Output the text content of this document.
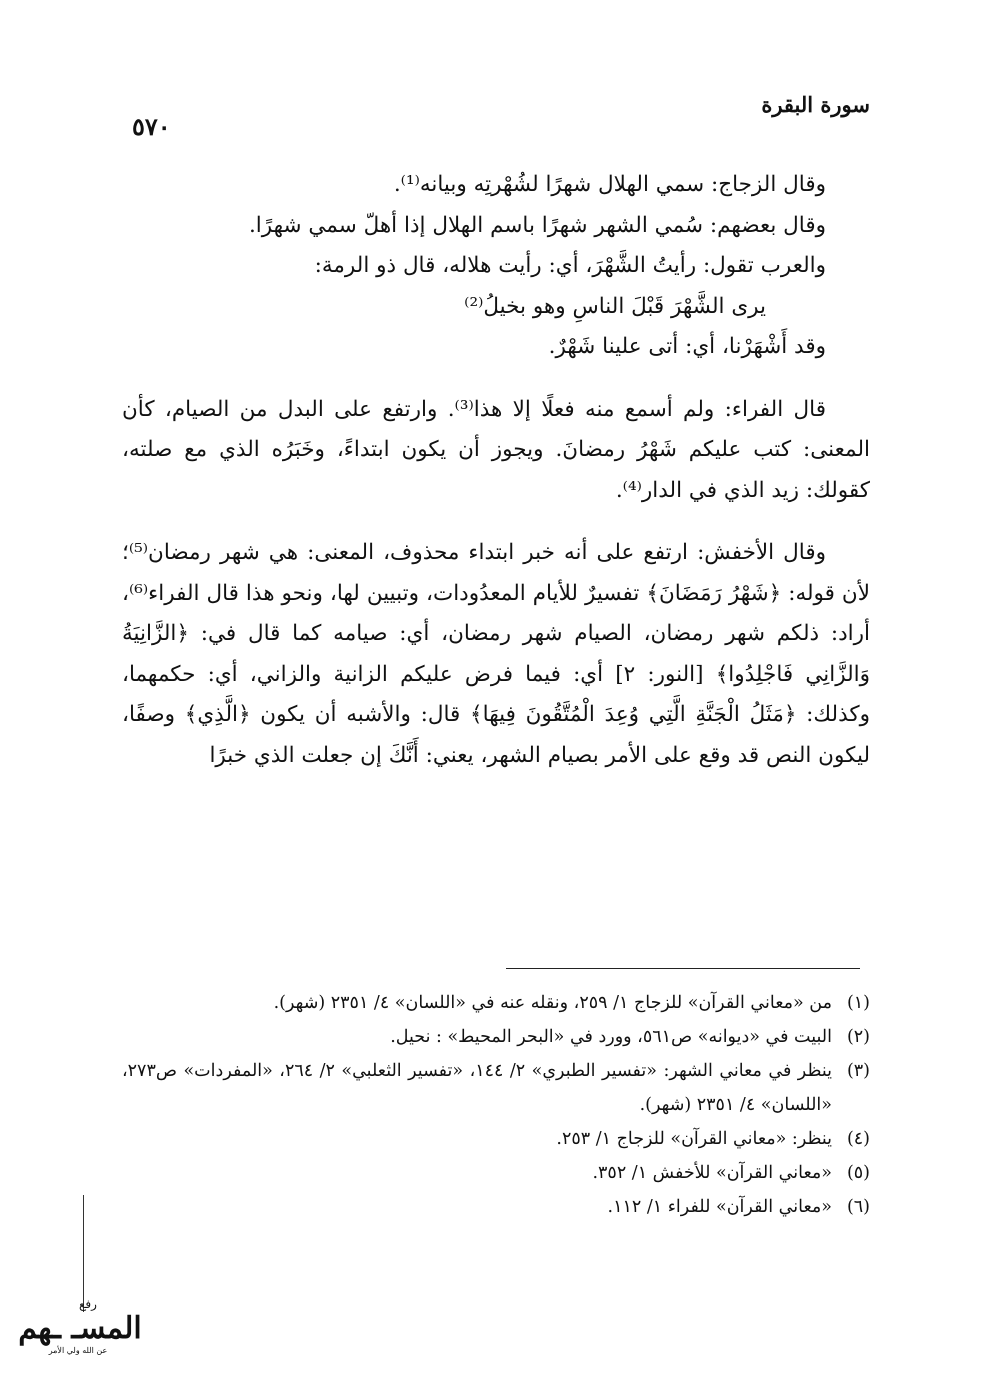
سورة البقرة
٥٧٠

وقال الزجاج: سمي الهلال شهرًا لشُهْرتِه وبيانه⁽¹⁾.

وقال بعضهم: سُمي الشهر شهرًا باسم الهلال إذا أهلّ سمي شهرًا.

والعرب تقول: رأيتُ الشَّهْرَ، أي: رأيت هلاله، قال ذو الرمة:

يرى الشَّهْرَ قَبْلَ الناسِ وهو بخيلُ⁽²⁾

وقد أَشْهَرْنا، أي: أتى علينا شَهْرٌ.

قال الفراء: ولم أسمع منه فعلًا إلا هذا⁽³⁾. وارتفع على البدل من الصيام، كأن المعنى: كتب عليكم شَهْرُ رمضانَ. ويجوز أن يكون ابتداءً، وخَبَرُه الذي مع صلته، كقولك: زيد الذي في الدار⁽⁴⁾.

وقال الأخفش: ارتفع على أنه خبر ابتداء محذوف، المعنى: هي شهر رمضان⁽⁵⁾؛ لأن قوله: ﴿شَهْرُ رَمَضَانَ﴾ تفسيرٌ للأيام المعدُودات، وتبيين لها، ونحو هذا قال الفراء⁽⁶⁾، أراد: ذلكم شهر رمضان، الصيام شهر رمضان، أي: صيامه كما قال في: ﴿الزَّانِيَةُ وَالزَّانِي فَاجْلِدُوا﴾ [النور: ٢] أي: فيما فرض عليكم الزانية والزاني، أي: حكمهما، وكذلك: ﴿مَثَلُ الْجَنَّةِ الَّتِي وُعِدَ الْمُتَّقُونَ فِيهَا﴾ قال: والأشبه أن يكون ﴿الَّذِي﴾ وصفًا، ليكون النص قد وقع على الأمر بصيام الشهر، يعني: أَنَّكَ إن جعلت الذي خبرًا

(١)
من «معاني القرآن» للزجاج ١/ ٢٥٩، ونقله عنه في «اللسان» ٤/ ٢٣٥١ (شهر).
(٢)
البيت في «ديوانه» ص٥٦١، وورد في «البحر المحيط» : نحيل.
(٣)
ينظر في معاني الشهر: «تفسير الطبري» ٢/ ١٤٤، «تفسير الثعلبي» ٢/ ٢٦٤، «المفردات» ص٢٧٣، «اللسان» ٤/ ٢٣٥١ (شهر).
(٤)
ينظر: «معاني القرآن» للزجاج ١/ ٢٥٣.
(٥)
«معاني القرآن» للأخفش ١/ ٣٥٢.
(٦)
«معاني القرآن» للفراء ١/ ١١٢.
رفع
المسـ ـهم
عن الله ولي الأمر
